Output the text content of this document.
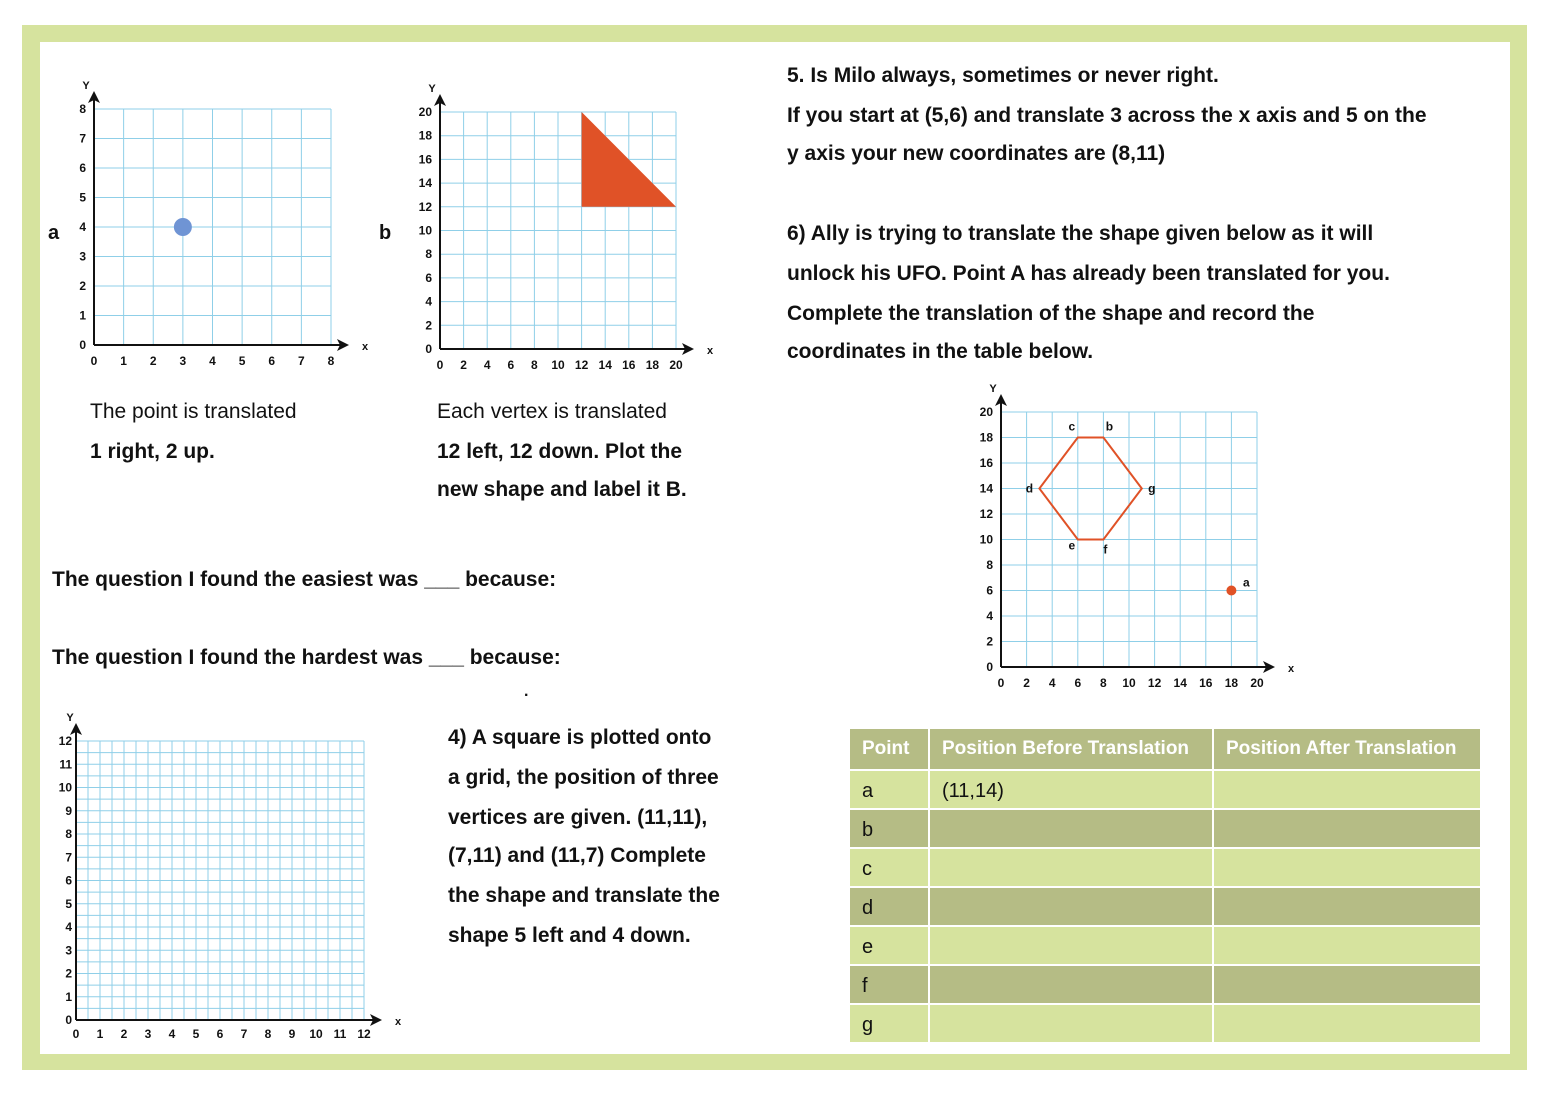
a

x
Y
0 1 2 3 4 5 6 7 8
0
1
2
3
4
5
6
7
8

The point is translated

1 right, 2 up.

b

x
Y
0 2 4 6 8 10 12 14 16 18 20
0
2
4
6
8
10
12
14
16
18
20

Each vertex is translated

12 left, 12 down. Plot the

new shape and label it B.

5. Is Milo always, sometimes or never right.

If you start at (5,6) and translate 3 across the x axis and 5 on the

y axis your new coordinates are (8,11)

6) Ally is trying to translate the shape given below as it will

unlock his UFO. Point A has already been translated for you.

Complete the translation of the shape and record the

coordinates in the table below.

x
Y
0 2 4 6 8 10 12 14 16 18 20
0
2
4
6
8
10
12
14
16
18
20
c	b
g
f
e
d
a

The question I found the easiest was ___ because:

The question I found the hardest was ___ because:

.

x
Y
0 1 2 3 4 5 6 7 8 9 10 11 12
0
1
2
3
4
5
6
7
8
9
10
11
12	4) A square is plotted onto

a grid, the position of three

vertices are given. (11,11),

(7,11) and (11,7) Complete

the shape and translate the

shape 5 left and 4 down.

Point	Position Before Translation	Position After Translation
a	(11,14)	
b		
c		
d		
e		
f		
g		
